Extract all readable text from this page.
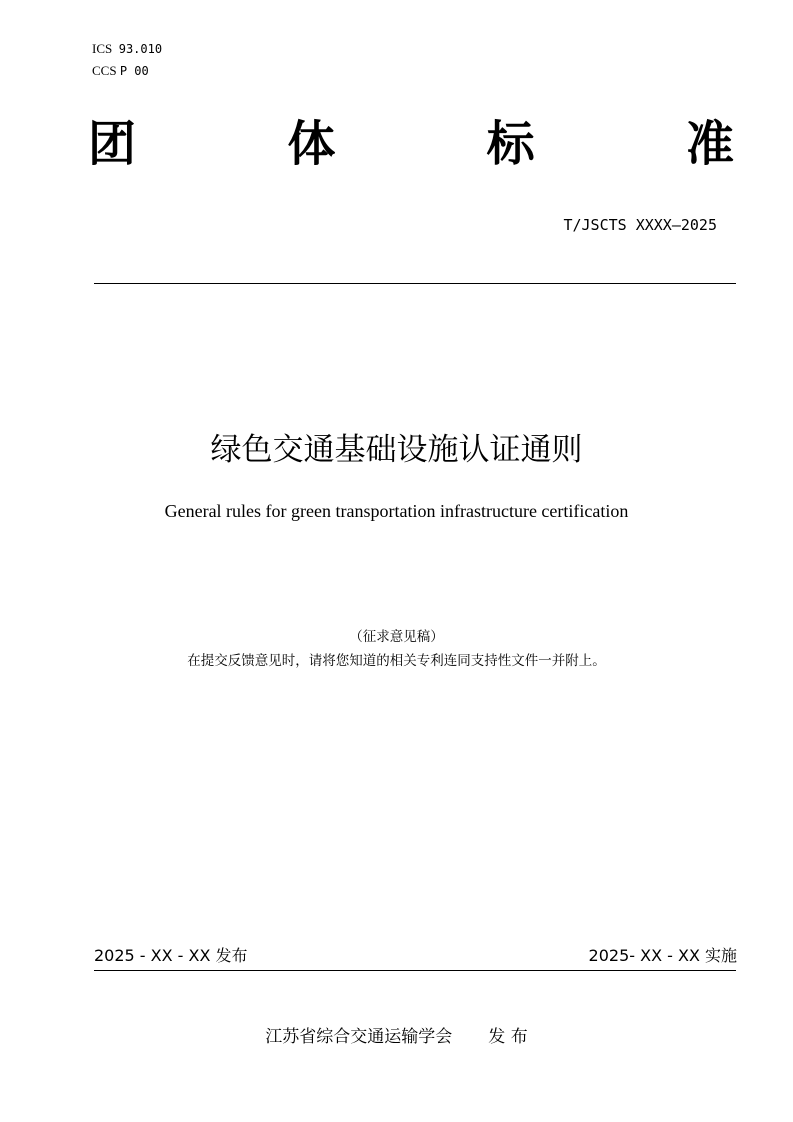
ICS 93.010
CCS P 00
团	体	标	准
T/JSCTS XXXX—2025
绿色交通基础设施认证通则
General rules for green transportation infrastructure certification
（征求意见稿）
在提交反馈意见时，请将您知道的相关专利连同支持性文件一并附上。
2025 - XX - XX 发布	2025- XX - XX 实施
江苏省综合交通运输学会 发 布
